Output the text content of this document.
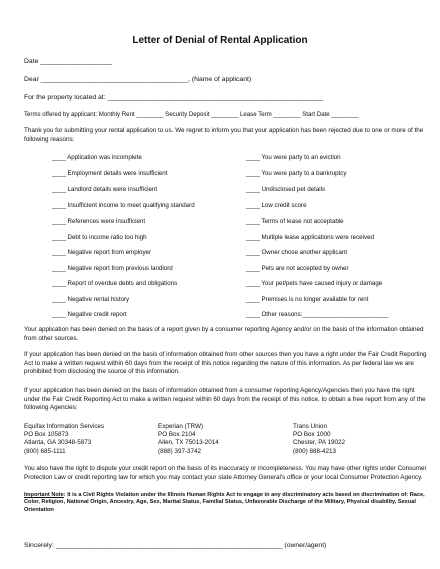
Letter of Denial of Rental Application
Date ___________________
Dear _______________________________________, (Name of applicant)
For the property located at: _________________________________________________________
Terms offered by applicant: Monthly Rent ________ Security Deposit ________ Lease Term ________ Start Date ________
Thank you for submitting your rental application to us. We regret to inform you that your application has been rejected due to one or more of the following reasons:
____ Application was incomplete
____ Employment details were insufficient
____ Landlord details were insufficient
____ Insufficient income to meet qualifying standard
____ References were insufficient
____ Debt to income ratio too high
____ Negative report from employer
____ Negative report from previous landlord
____ Report of overdue debts and obligations
____ Negative rental history
____ Negative credit report
____ You were party to an eviction
____ You were party to a bankruptcy
____ Undisclosed pet details
____ Low credit score
____ Terms of lease not acceptable
____ Multiple lease applications were received
____ Owner chose another applicant
____ Pets are not accepted by owner
____ Your pet/pets have caused injury or damage
____ Premises is no longer available for rent
____ Other reasons:_________________________
Your application has been denied on the basis of a report given by a consumer reporting Agency and/or on the basis of the information obtained from other sources.
If your application has been denied on the basis of information obtained from other sources then you have a right under the Fair Credit Reporting Act to make a written request within 60 days from the receipt of this notice regarding the nature of this information. As per federal law we are prohibited from disclosing the source of this information.
If your application has been denied on the basis of information obtained from a consumer reporting Agency/Agencies then you have the right under the Fair Credit Reporting Act to make a written request within 60 days from the receipt of this notice, to obtain a free report from any of the following Agencies:
Equifax Information Services
PO Box 105873
Atlanta, GA 30348-5873
(800) 685-1111
Experian (TRW)
PO Box 2104
Allen, TX 75013-2014
(888) 397-3742
Trans Union
PO Box 1000
Chester, PA 19022
(800) 888-4213
You also have the right to dispute your credit report on the basis of its inaccuracy or incompleteness. You may have other rights under Consumer Protection Law or credit reporting law for which you may contact your state Attorney General's office or your local Consumer Protection Agency.
Important Note: It is a Civil Rights Violation under the Illinois Human Rights Act to engage in any discriminatory acts based on discrimination of: Race, Color, Religion, National Origin, Ancestry, Age, Sex, Marital Status, Familial Status, Unfavorable Discharge of the Military, Physical disability, Sexual Orientation
Sincerely: ____________________________________________________________ (owner/agent)
